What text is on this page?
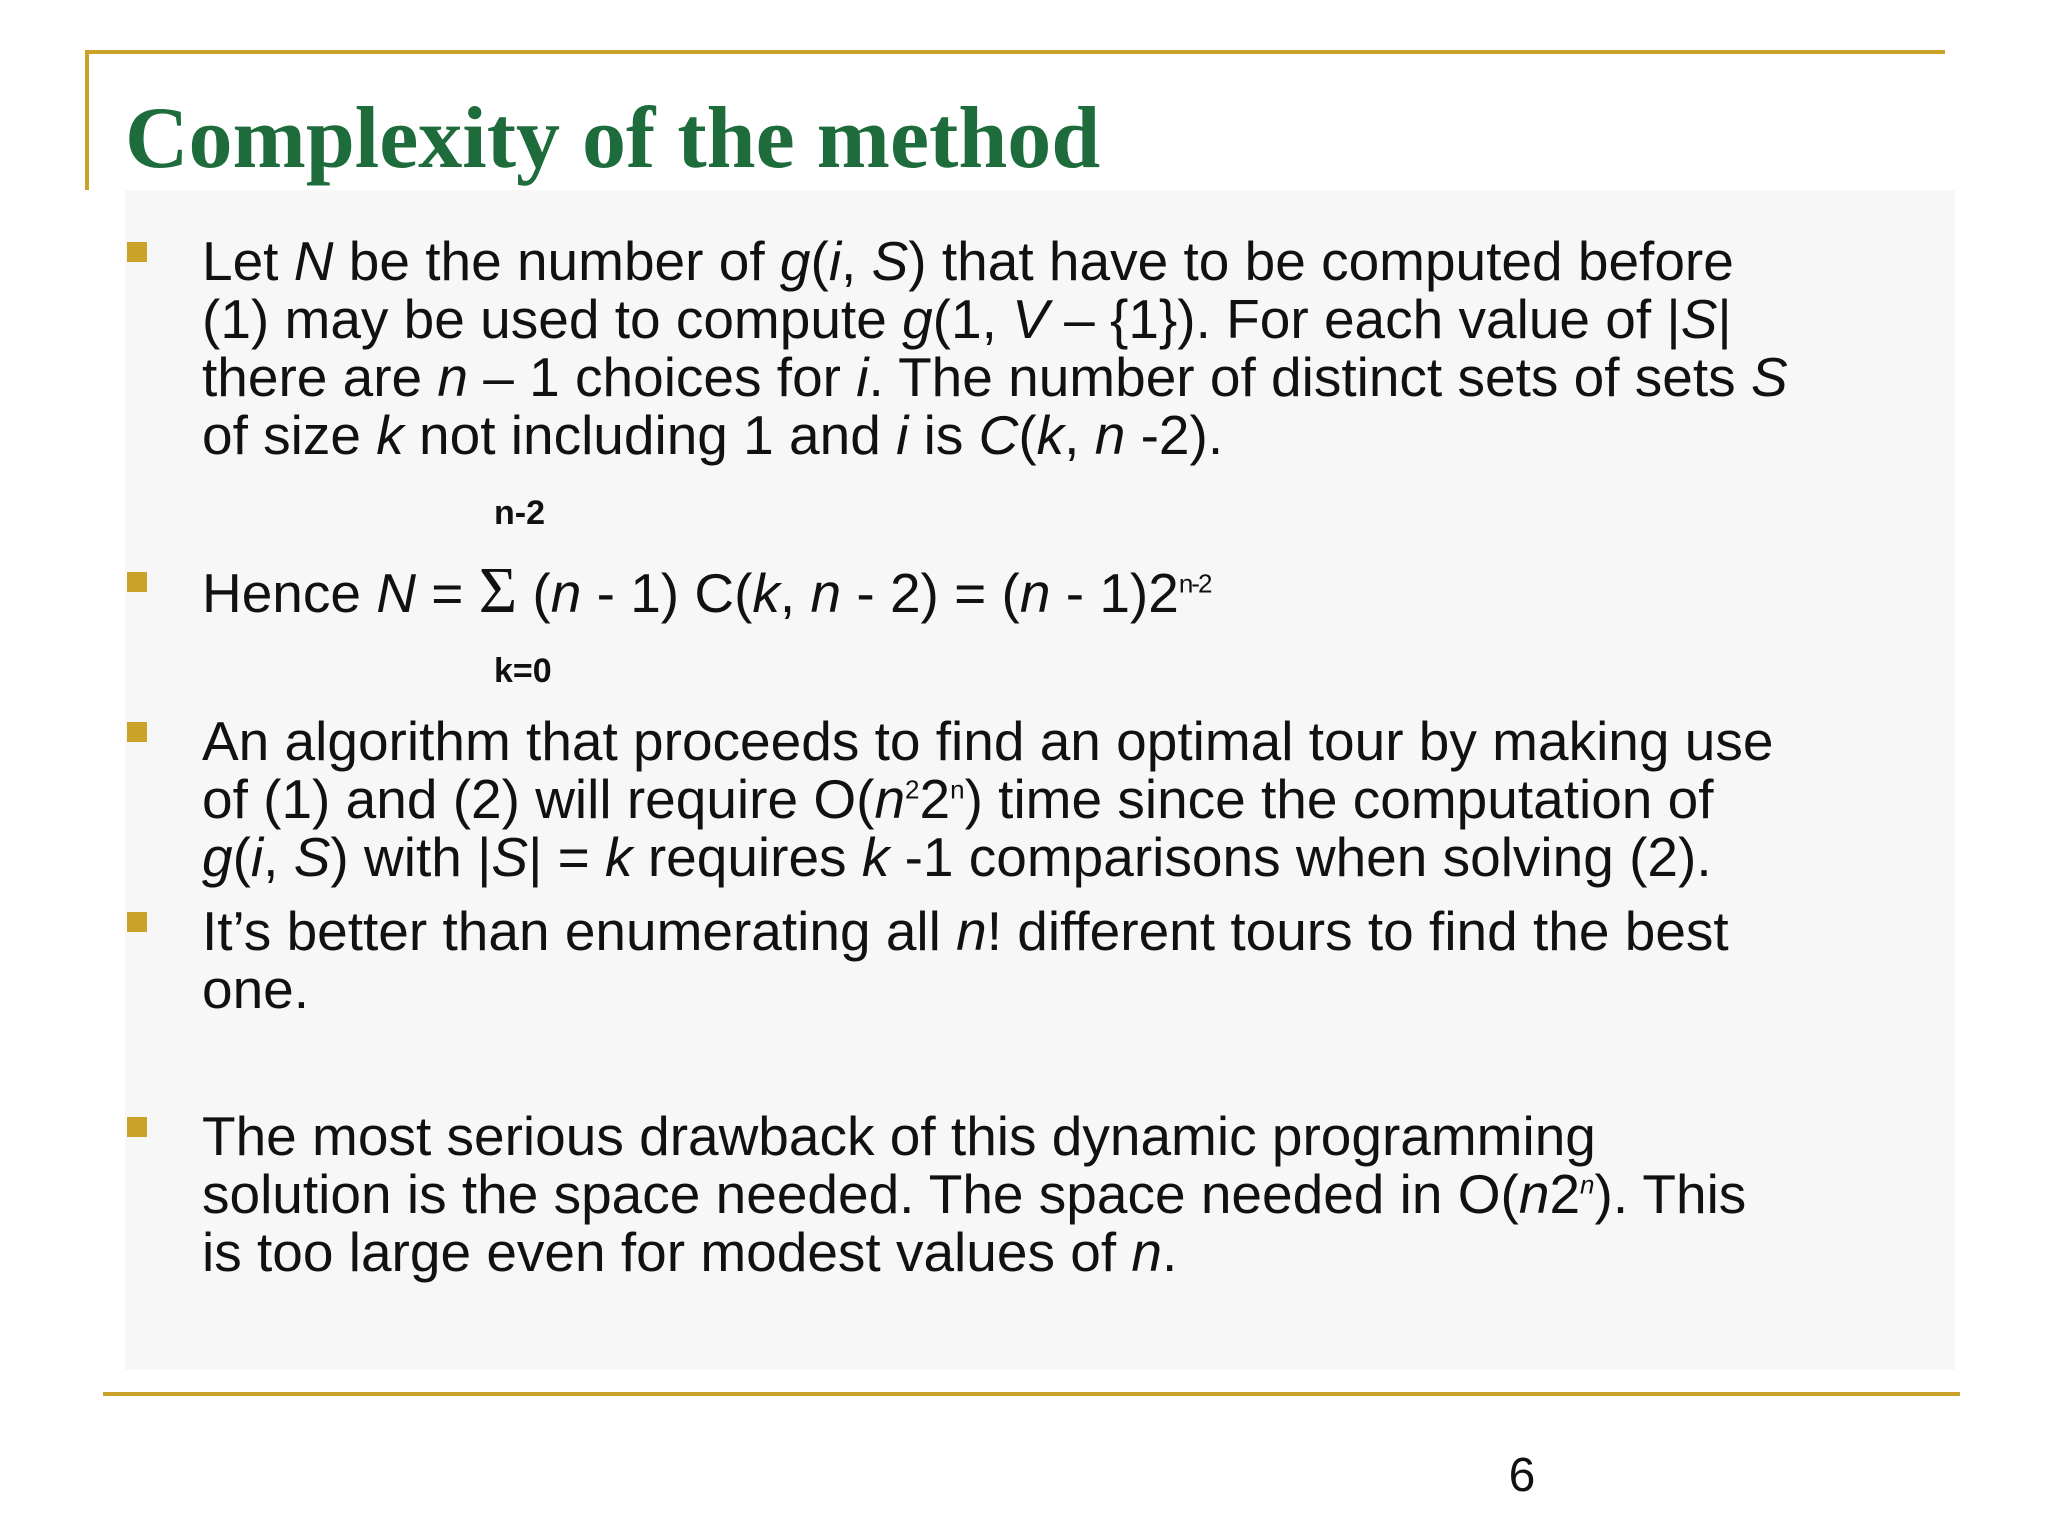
Complexity of the method
Let N be the number of g(i, S) that have to be computed before
(1) may be used to compute g(1, V – {1}). For each value of |S|
there are n – 1 choices for i. The number of distinct sets of sets S
of size k not including 1 and i is C(k, n -2).
n-2
Hence N = Σ (n - 1) C(k, n - 2) = (n - 1)2$^{n-2}$
k=0
An algorithm that proceeds to find an optimal tour by making use
of (1) and (2) will require $O(n^22^n)$ time since the computation of
g(i, S) with |S| = k requires k -1 comparisons when solving (2).
It’s better than enumerating all n! different tours to find the best
one.
The most serious drawback of this dynamic programming
solution is the space needed. The space needed in O(n2$^n$). This
is too large even for modest values of n.
6
